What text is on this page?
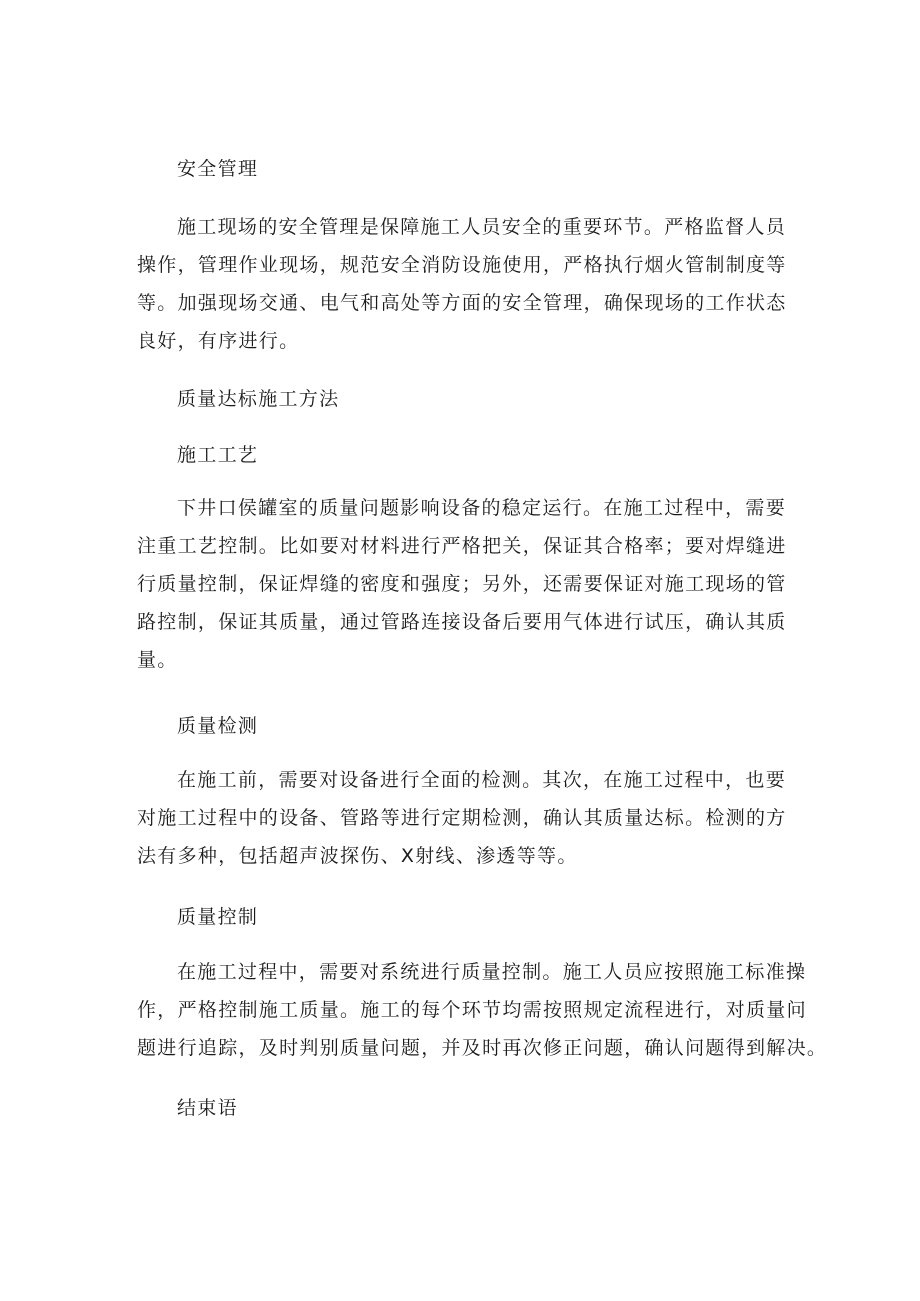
安全管理
施工现场的安全管理是保障施工人员安全的重要环节。严格监督人员
操作，管理作业现场，规范安全消防设施使用，严格执行烟火管制制度等
等。加强现场交通、电气和高处等方面的安全管理，确保现场的工作状态
良好，有序进行。
质量达标施工方法
施工工艺
下井口侯罐室的质量问题影响设备的稳定运行。在施工过程中，需要
注重工艺控制。比如要对材料进行严格把关，保证其合格率；要对焊缝进
行质量控制，保证焊缝的密度和强度；另外，还需要保证对施工现场的管
路控制，保证其质量，通过管路连接设备后要用气体进行试压，确认其质
量。
质量检测
在施工前，需要对设备进行全面的检测。其次，在施工过程中，也要
对施工过程中的设备、管路等进行定期检测，确认其质量达标。检测的方
法有多种，包括超声波探伤、X射线、渗透等等。
质量控制
在施工过程中，需要对系统进行质量控制。施工人员应按照施工标准操
作，严格控制施工质量。施工的每个环节均需按照规定流程进行，对质量问
题进行追踪，及时判别质量问题，并及时再次修正问题，确认问题得到解决。
结束语
